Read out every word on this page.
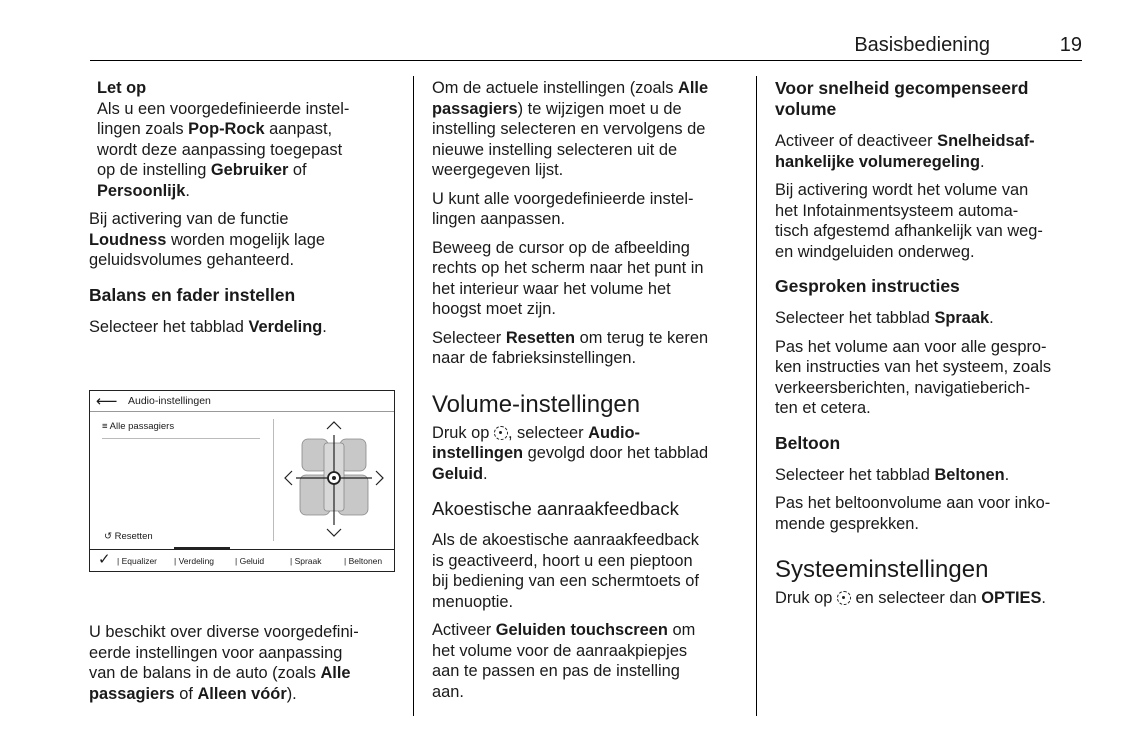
Basisbediening	19
Let op
Als u een voorgedefinieerde instel-
lingen zoals Pop-Rock aanpast,
wordt deze aanpassing toegepast
op de instelling Gebruiker of
Persoonlijk.

Bij activering van de functie
Loudness worden mogelijk lage
geluidsvolumes gehanteerd.

Balans en fader instellen

Selecteer het tabblad Verdeling.

⟵ Audio-instellingen
≡ Alle passagiers
↺ Resetten
✓ | Equalizer | Verdeling | Geluid	| Spraak	| Beltonen

U beschikt over diverse voorgedefini-
eerde instellingen voor aanpassing
van de balans in de auto (zoals Alle
passagiers of Alleen vóór).

Om de actuele instellingen (zoals Alle
passagiers) te wijzigen moet u de
instelling selecteren en vervolgens de
nieuwe instelling selecteren uit de
weergegeven lijst.

U kunt alle voorgedefinieerde instel-
lingen aanpassen.

Beweeg de cursor op de afbeelding
rechts op het scherm naar het punt in
het interieur waar het volume het
hoogst moet zijn.

Selecteer Resetten om terug te keren
naar de fabrieksinstellingen.

Volume-instellingen

Druk op , selecteer Audio-
instellingen gevolgd door het tabblad
Geluid.

Akoestische aanraakfeedback

Als de akoestische aanraakfeedback
is geactiveerd, hoort u een pieptoon
bij bediening van een schermtoets of
menuoptie.

Activeer Geluiden touchscreen om
het volume voor de aanraakpiepjes
aan te passen en pas de instelling
aan.

Voor snelheid gecompenseerd volume

Activeer of deactiveer Snelheidsaf-
hankelijke volumeregeling.

Bij activering wordt het volume van
het Infotainmentsysteem automa-
tisch afgestemd afhankelijk van weg-
en windgeluiden onderweg.

Gesproken instructies

Selecteer het tabblad Spraak.

Pas het volume aan voor alle gespro-
ken instructies van het systeem, zoals
verkeersberichten, navigatieberich-
ten et cetera.

Beltoon

Selecteer het tabblad Beltonen.

Pas het beltoonvolume aan voor inko-
mende gesprekken.

Systeeminstellingen

Druk op  en selecteer dan OPTIES.
